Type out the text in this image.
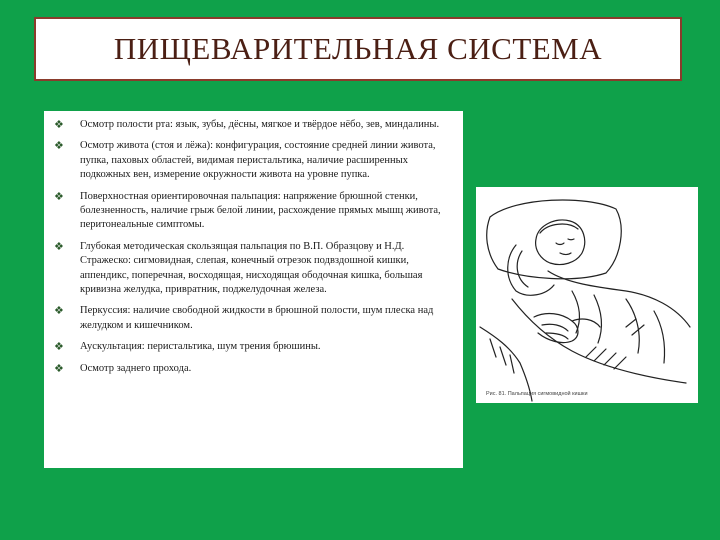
ПИЩЕВАРИТЕЛЬНАЯ СИСТЕМА
❖	Осмотр полости рта: язык, зубы, дёсны, мягкое и твёрдое нёбо, зев, миндалины.
❖	Осмотр живота (стоя и лёжа): конфигурация, состояние средней линии живота, пупка, паховых областей, видимая перистальтика, наличие расширенных подкожных вен, измерение окружности живота на уровне пупка.
❖	Поверхностная ориентировочная пальпация: напряжение брюшной стенки, болезненность, наличие грыж белой линии, расхождение прямых мышц живота, перитонеальные симптомы.
❖	Глубокая методическая скользящая пальпация по В.П. Образцову и Н.Д. Стражеско: сигмовидная, слепая, конечный отрезок подвздошной кишки, аппендикс, поперечная, восходящая, нисходящая ободочная кишка, большая кривизна желудка, привратник, поджелудочная железа.
❖	Перкуссия: наличие свободной жидкости в брюшной полости, шум плеска над желудком и кишечником.
❖	Аускультация: перистальтика, шум трения брюшины.
❖	Осмотр заднего прохода.
Рис. 81. Пальпация сигмовидной кишки
